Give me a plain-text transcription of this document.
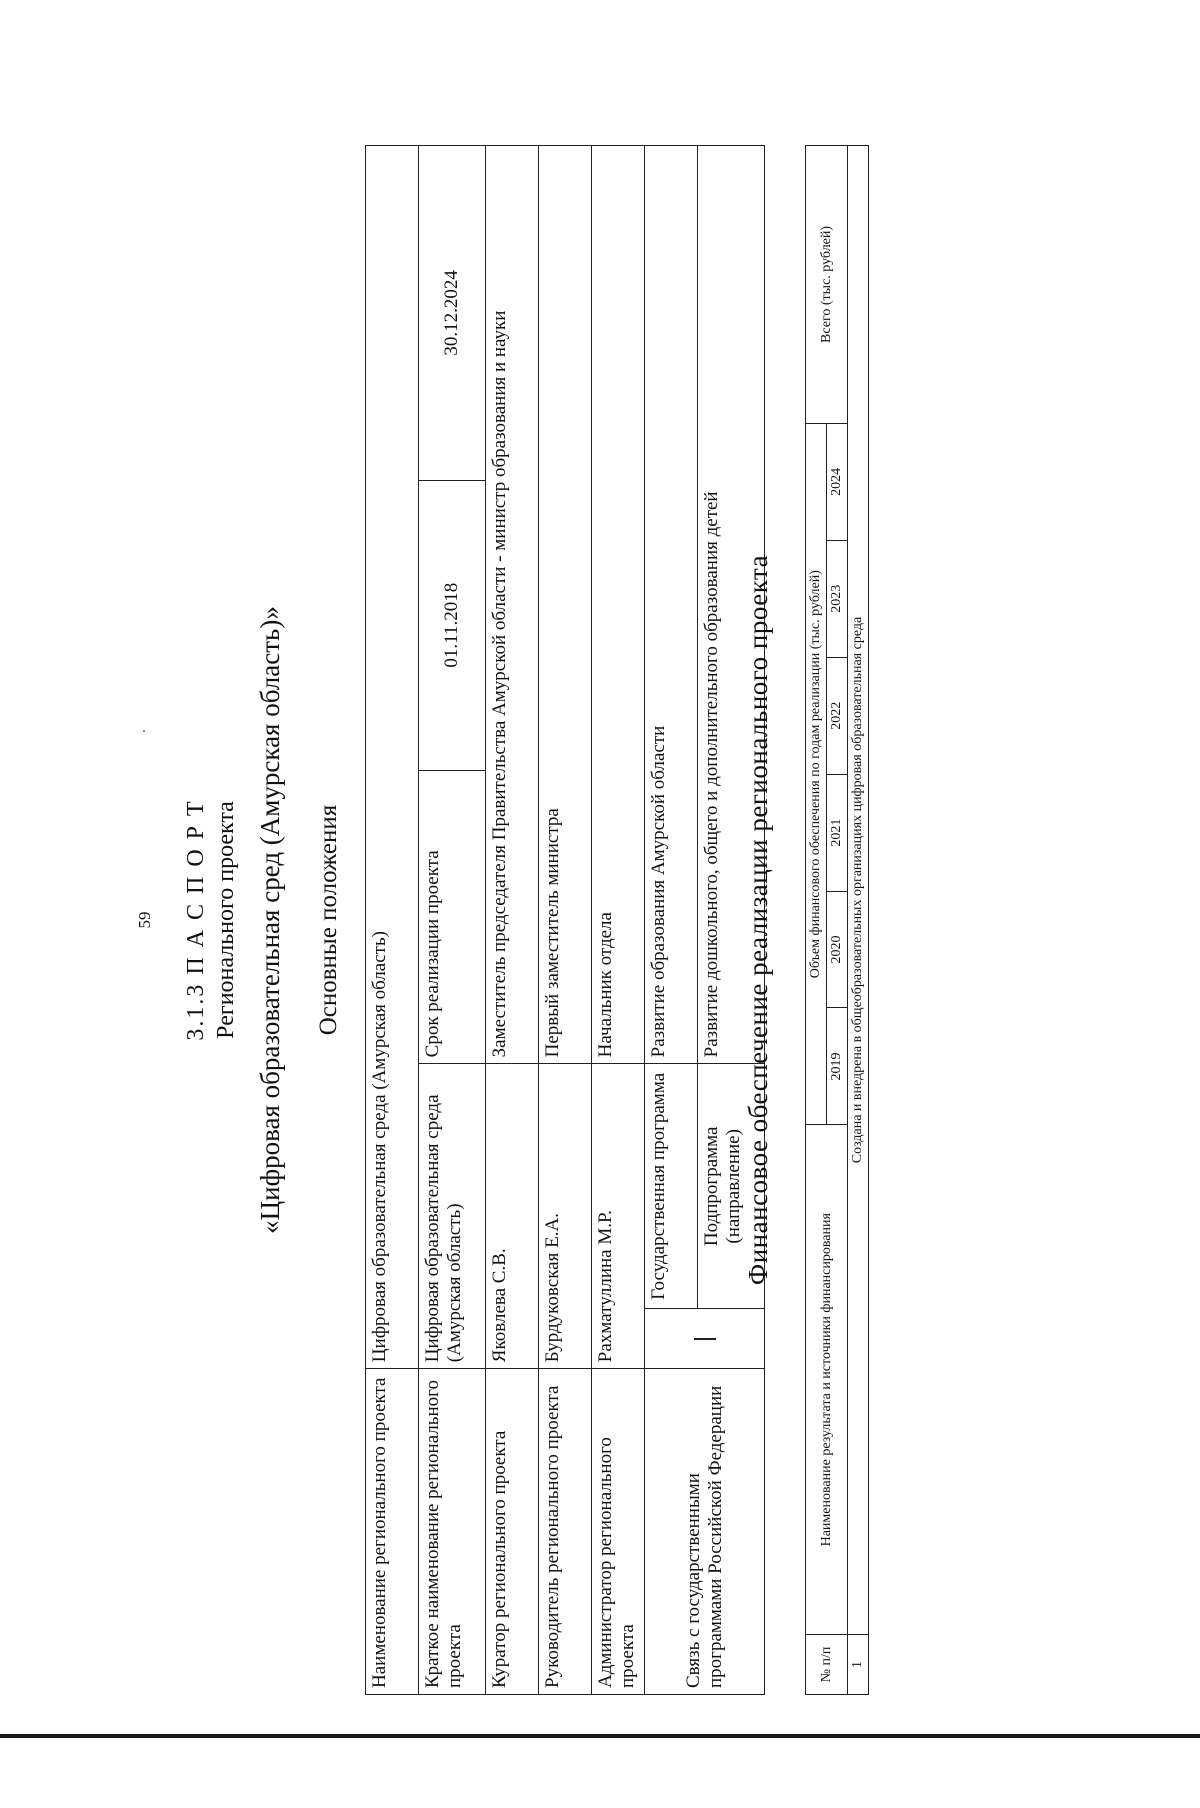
59 3.1.3 П А С П О Р Т Регионального проекта «Цифровая образовательная сред (Амурская область)» Основные положения
Наименование регионального проекта	Цифровая образовательная среда (Амурская область)				
Краткое наименование регионального проекта	Цифровая образовательная среда (Амурская область)		Срок реализации проекта	01.11.2018	30.12.2024
Куратор регионального проекта	Яковлева С.В.		Заместитель председателя Правительства Амурской области - министр образования и науки		
Руководитель регионального проекта	Бурдуковская Е.А.		Первый заместитель министра		
Администратор регионального проекта	Рахматуллина М.Р.		Начальник отдела		
Связь с государственными программами Российской Федерации		Государственная программа	Развитие образования Амурской области		
		Подпрограмма (направление)	Развитие дошкольного, общего и дополнительного образования детей		Финансовое обеспечение реализации регионального проекта
№ п/п	Наименование результата и источники финансирования	Объем финансового обеспечения по годам реализации (тыс. рублей)						Всего (тыс. рублей)
		2019	2020	2021	2022	2023	2024	
1	Создана и внедрена в общеобразовательных организациях цифровая образовательная среда							
